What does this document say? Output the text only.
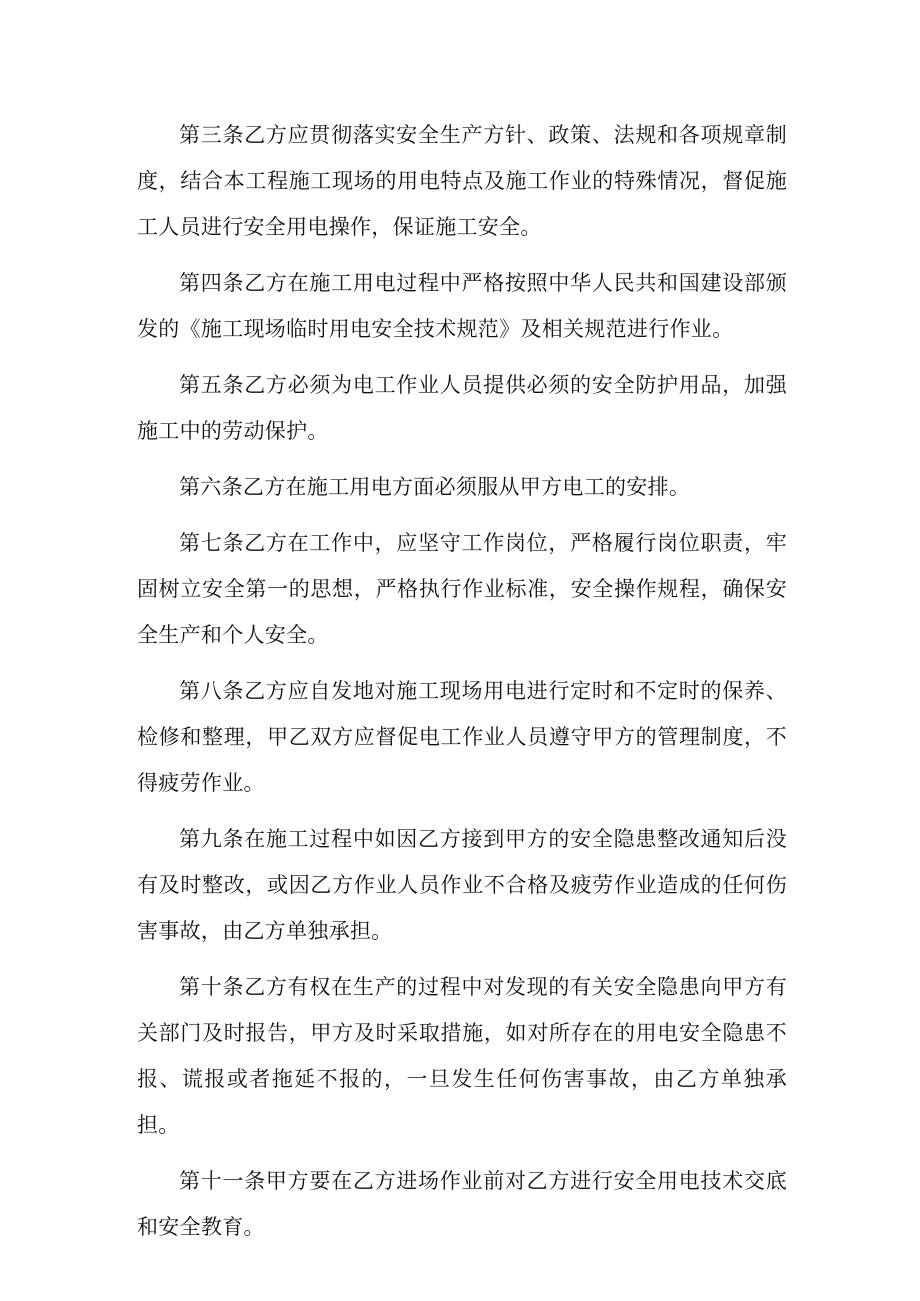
第三条乙方应贯彻落实安全生产方针、政策、法规和各项规章制度，结合本工程施工现场的用电特点及施工作业的特殊情况，督促施工人员进行安全用电操作，保证施工安全。

第四条乙方在施工用电过程中严格按照中华人民共和国建设部颁发的《施工现场临时用电安全技术规范》及相关规范进行作业。

第五条乙方必须为电工作业人员提供必须的安全防护用品，加强施工中的劳动保护。

第六条乙方在施工用电方面必须服从甲方电工的安排。

第七条乙方在工作中，应坚守工作岗位，严格履行岗位职责，牢固树立安全第一的思想，严格执行作业标准，安全操作规程，确保安全生产和个人安全。

第八条乙方应自发地对施工现场用电进行定时和不定时的保养、检修和整理，甲乙双方应督促电工作业人员遵守甲方的管理制度，不得疲劳作业。

第九条在施工过程中如因乙方接到甲方的安全隐患整改通知后没有及时整改，或因乙方作业人员作业不合格及疲劳作业造成的任何伤害事故，由乙方单独承担。

第十条乙方有权在生产的过程中对发现的有关安全隐患向甲方有关部门及时报告，甲方及时采取措施，如对所存在的用电安全隐患不报、谎报或者拖延不报的，一旦发生任何伤害事故，由乙方单独承担。

第十一条甲方要在乙方进场作业前对乙方进行安全用电技术交底和安全教育。
